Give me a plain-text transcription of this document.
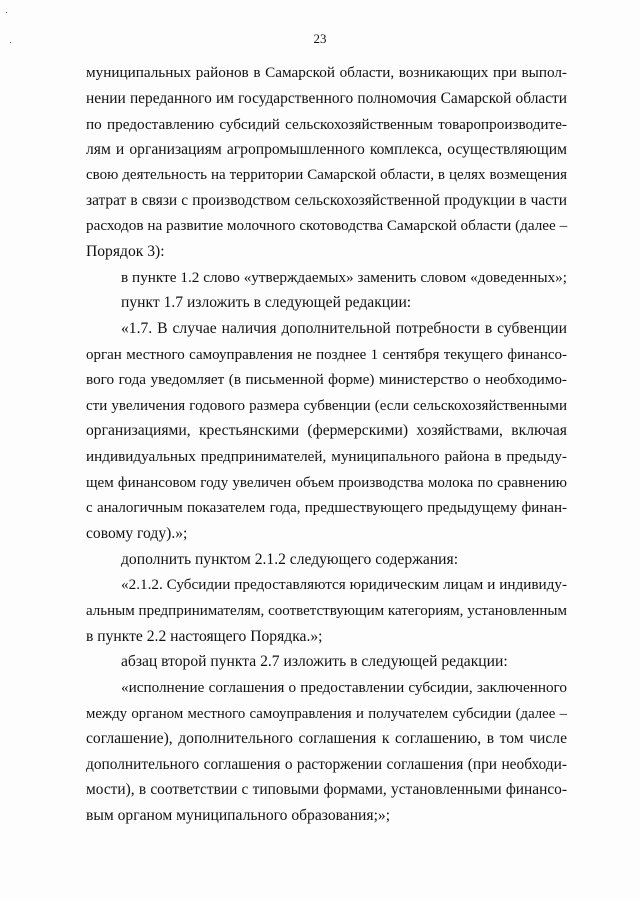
23
муниципальных районов в Самарской области, возникающих при выпол-
нении переданного им государственного полномочия Самарской области
по предоставлению субсидий сельскохозяйственным товаропроизводите-
лям и организациям агропромышленного комплекса, осуществляющим
свою деятельность на территории Самарской области, в целях возмещения
затрат в связи с производством сельскохозяйственной продукции в части
расходов на развитие молочного скотоводства Самарской области (далее –
Порядок 3):
в пункте 1.2 слово «утверждаемых» заменить словом «доведенных»;
пункт 1.7 изложить в следующей редакции:
«1.7. В случае наличия дополнительной потребности в субвенции
орган местного самоуправления не позднее 1 сентября текущего финансо-
вого года уведомляет (в письменной форме) министерство о необходимо-
сти увеличения годового размера субвенции (если сельскохозяйственными
организациями, крестьянскими (фермерскими) хозяйствами, включая
индивидуальных предпринимателей, муниципального района в предыду-
щем финансовом году увеличен объем производства молока по сравнению
с аналогичным показателем года, предшествующего предыдущему финан-
совому году).»;
дополнить пунктом 2.1.2 следующего содержания:
«2.1.2. Субсидии предоставляются юридическим лицам и индивиду-
альным предпринимателям, соответствующим категориям, установленным
в пункте 2.2 настоящего Порядка.»;
абзац второй пункта 2.7 изложить в следующей редакции:
«исполнение соглашения о предоставлении субсидии, заключенного
между органом местного самоуправления и получателем субсидии (далее –
соглашение), дополнительного соглашения к соглашению, в том числе
дополнительного соглашения о расторжении соглашения (при необходи-
мости), в соответствии с типовыми формами, установленными финансо-
вым органом муниципального образования;»;
